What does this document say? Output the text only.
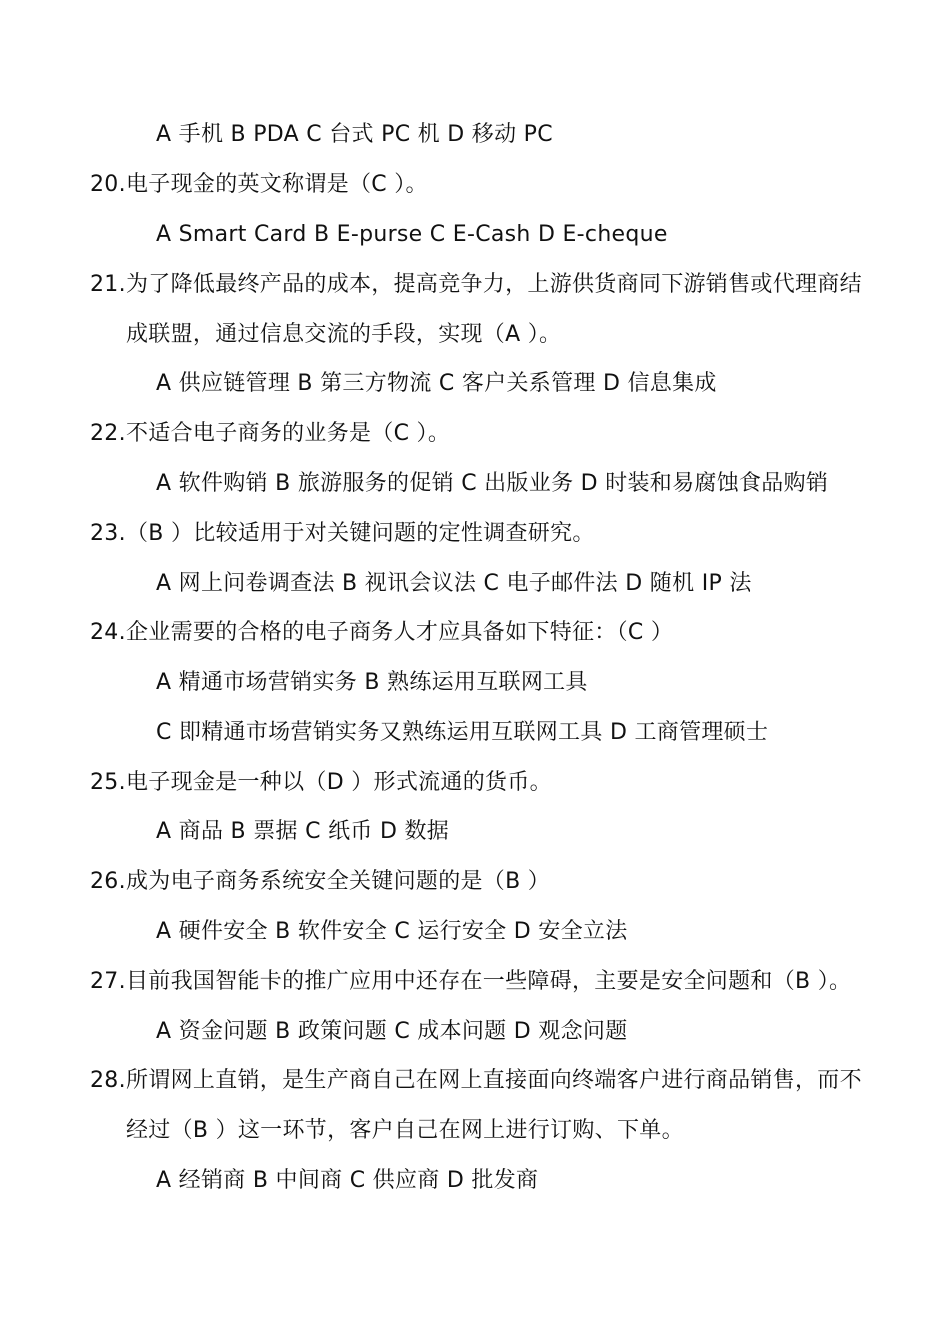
A 手机 B PDA C 台式 PC 机 D 移动 PC
20.电子现金的英文称谓是（C ）。
A Smart Card B E-purse C E-Cash D E-cheque
21.为了降低最终产品的成本，提高竞争力，上游供货商同下游销售或代理商结
成联盟，通过信息交流的手段，实现（A ）。
A 供应链管理 B 第三方物流 C 客户关系管理 D 信息集成
22.不适合电子商务的业务是（C ）。
A 软件购销 B 旅游服务的促销 C 出版业务 D 时装和易腐蚀食品购销
23.（B ）比较适用于对关键问题的定性调查研究。
A 网上问卷调查法 B 视讯会议法 C 电子邮件法 D 随机 IP 法
24.企业需要的合格的电子商务人才应具备如下特征：（C ）
A 精通市场营销实务 B 熟练运用互联网工具
C 即精通市场营销实务又熟练运用互联网工具 D 工商管理硕士
25.电子现金是一种以（D ）形式流通的货币。
A 商品 B 票据 C 纸币 D 数据
26.成为电子商务系统安全关键问题的是（B ）
A 硬件安全 B 软件安全 C 运行安全 D 安全立法
27.目前我国智能卡的推广应用中还存在一些障碍，主要是安全问题和（B ）。
A 资金问题 B 政策问题 C 成本问题 D 观念问题
28.所谓网上直销，是生产商自己在网上直接面向终端客户进行商品销售，而不
经过（B ）这一环节，客户自己在网上进行订购、下单。
A 经销商 B 中间商 C 供应商 D 批发商
